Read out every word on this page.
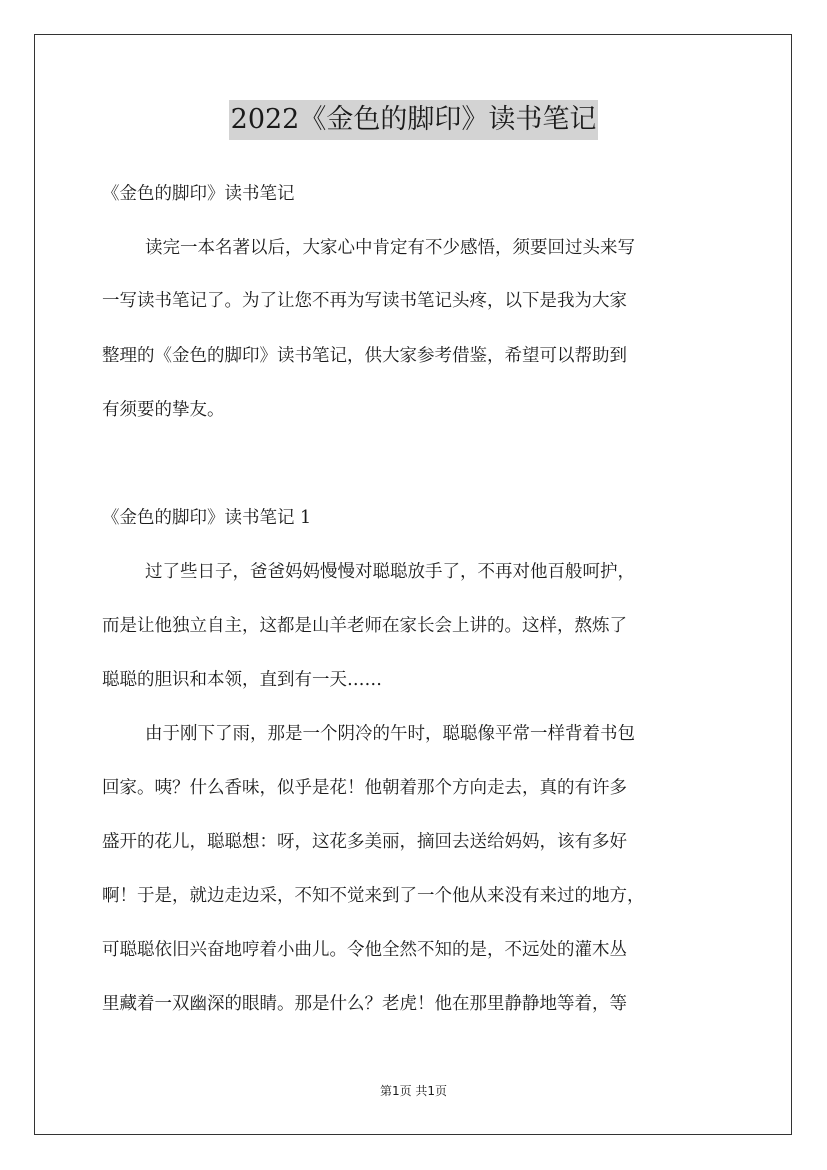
2022《金色的脚印》读书笔记
《金色的脚印》读书笔记
读完一本名著以后，大家心中肯定有不少感悟，须要回过头来写
一写读书笔记了。为了让您不再为写读书笔记头疼，以下是我为大家
整理的《金色的脚印》读书笔记，供大家参考借鉴，希望可以帮助到
有须要的挚友。
《金色的脚印》读书笔记 1
过了些日子，爸爸妈妈慢慢对聪聪放手了，不再对他百般呵护，
而是让他独立自主，这都是山羊老师在家长会上讲的。这样，熬炼了
聪聪的胆识和本领，直到有一天……
由于刚下了雨，那是一个阴冷的午时，聪聪像平常一样背着书包
回家。咦？什么香味，似乎是花！他朝着那个方向走去，真的有许多
盛开的花儿，聪聪想：呀，这花多美丽，摘回去送给妈妈，该有多好
啊！于是，就边走边采，不知不觉来到了一个他从来没有来过的地方，
可聪聪依旧兴奋地哼着小曲儿。令他全然不知的是，不远处的灌木丛
里藏着一双幽深的眼睛。那是什么？老虎！他在那里静静地等着，等
第1页 共1页
